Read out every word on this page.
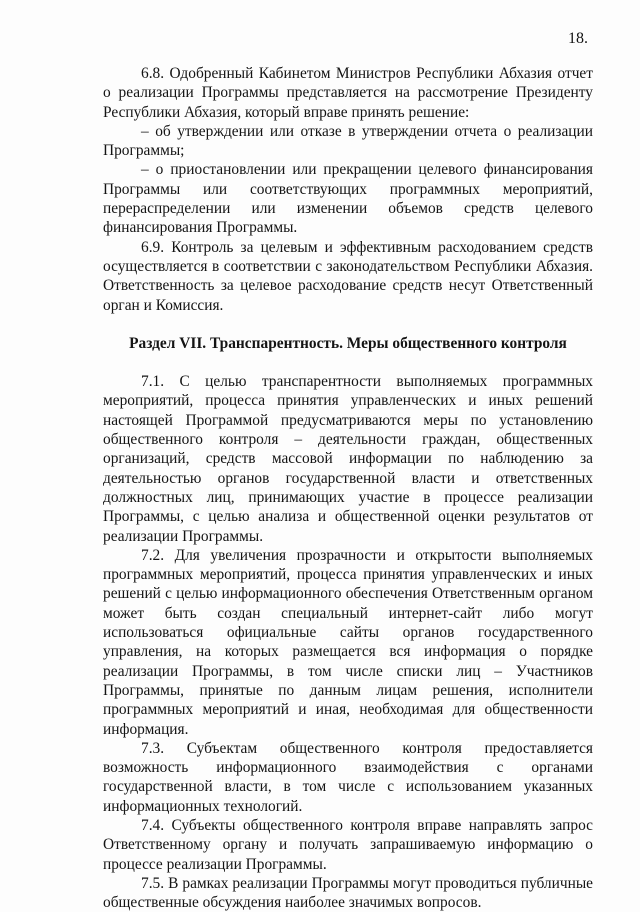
18.

6.8. Одобренный Кабинетом Министров Республики Абхазия отчет о реализации Программы представляется на рассмотрение Президенту Республики Абхазия, который вправе принять решение:

– об утверждении или отказе в утверждении отчета о реализации Программы;

– о приостановлении или прекращении целевого финансирования Программы или соответствующих программных мероприятий, перераспределении или изменении объемов средств целевого финансирования Программы.

6.9. Контроль за целевым и эффективным расходованием средств осуществляется в соответствии с законодательством Республики Абхазия. Ответственность за целевое расходование средств несут Ответственный орган и Комиссия.

Раздел VII. Транспарентность. Меры общественного контроля

7.1. С целью транспарентности выполняемых программных мероприятий, процесса принятия управленческих и иных решений настоящей Программой предусматриваются меры по установлению общественного контроля – деятельности граждан, общественных организаций, средств массовой информации по наблюдению за деятельностью органов государственной власти и ответственных должностных лиц, принимающих участие в процессе реализации Программы, с целью анализа и общественной оценки результатов от реализации Программы.

7.2. Для увеличения прозрачности и открытости выполняемых программных мероприятий, процесса принятия управленческих и иных решений с целью информационного обеспечения Ответственным органом может быть создан специальный интернет-сайт либо могут использоваться официальные сайты органов государственного управления, на которых размещается вся информация о порядке реализации Программы, в том числе списки лиц – Участников Программы, принятые по данным лицам решения, исполнители программных мероприятий и иная, необходимая для общественности информация.

7.3. Субъектам общественного контроля предоставляется возможность информационного взаимодействия с органами государственной власти, в том числе с использованием указанных информационных технологий.

7.4. Субъекты общественного контроля вправе направлять запрос Ответственному органу и получать запрашиваемую информацию о процессе реализации Программы.

7.5. В рамках реализации Программы могут проводиться публичные общественные обсуждения наиболее значимых вопросов.
